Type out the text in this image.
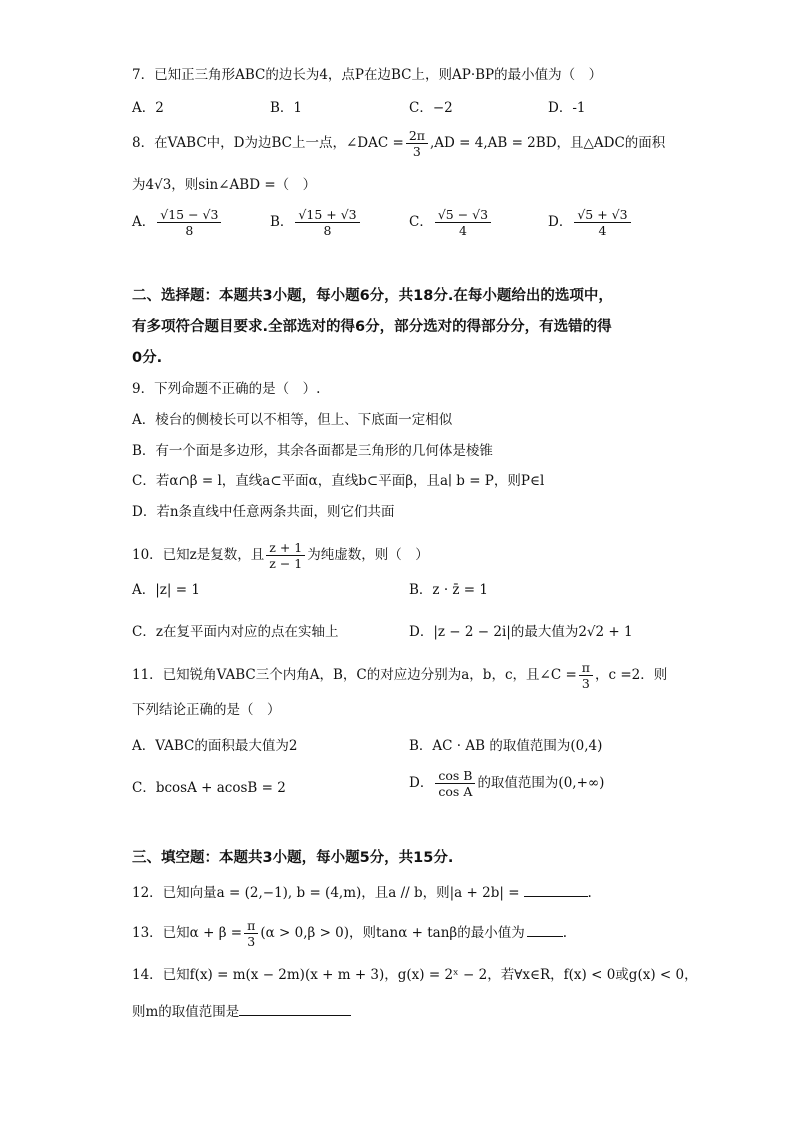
7．已知正三角形ABC的边长为4，点P在边BC上，则AP·BP的最小值为（　）
A．2	B．1	C．−2	D．-1
8．在VABC中，D为边BC上一点，∠DAC = $\frac{2\pi}{3} ,AD = 4,AB = 2BD$，且△ADC的面积
为4√3，则sin∠ABD =（　）
A． $\frac{√15 - √3}{8}$	B． $\frac{√15 + √3}{8}$	C． $\frac{√5 - √3}{4}$	D． $\frac{√5 + √3}{4}$
二、选择题：本题共3小题，每小题6分，共18分.在每小题给出的选项中，
有多项符合题目要求.全部选对的得6分，部分选对的得部分分，有选错的得
0分.
9．下列命题不正确的是（　）.
A．棱台的侧棱长可以不相等，但上、下底面一定相似
B．有一个面是多边形，其余各面都是三角形的几何体是棱锥
C．若α∩β = l，直线a⊂平面α，直线b⊂平面β，且a∣ b = P，则P∈l
D．若n条直线中任意两条共面，则它们共面
10．已知z是复数，且 $\frac{z + 1}{z - 1}$ 为纯虚数，则（　）
A．|z| = 1	B．z · z̄ = 1
C．z在复平面内对应的点在实轴上	D．|z − 2 − 2i|的最大值为2√2 + 1
11．已知锐角VABC三个内角A，B，C的对应边分别为a，b，c，且∠C = $\frac{\pi}{3}$ ，c =2．则
下列结论正确的是（　）
A．VABC的面积最大值为2	B．AC · AB 的取值范围为(0,4)
C．bcosA + acosB = 2	D． $\frac{\text{cos B}}{\text{cos A}}$ 的取值范围为(0,+∞)
三、填空题：本题共3小题，每小题5分，共15分.
12．已知向量a = (2,−1), b = (4,m)，且a // b，则|a + 2b| =	.
13．已知$\alpha + \beta = \frac{\pi}{3} (\alpha > 0,\beta > 0)$，则tanα + tanβ的最小值为	.
14．已知f(x) = m(x − 2m)(x + m + 3)，g(x) = 2ˣ − 2，若∀x∈R，f(x) < 0或g(x) < 0，
则m的取值范围是
